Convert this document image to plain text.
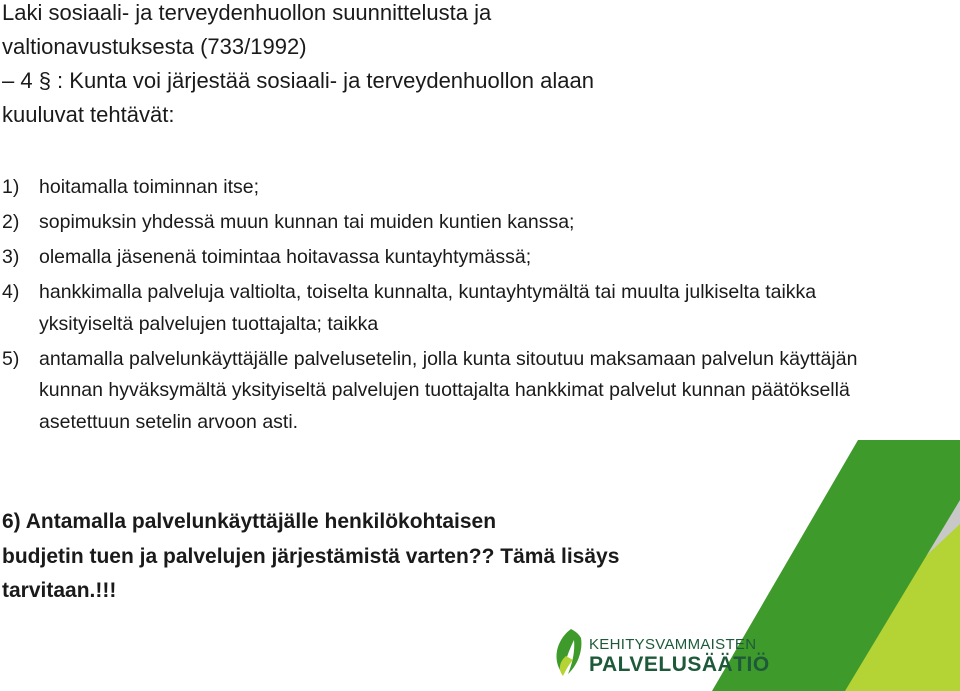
Laki sosiaali- ja terveydenhuollon suunnittelusta ja
valtionavustuksesta (733/1992)
– 4 § : Kunta voi järjestää sosiaali- ja terveydenhuollon alaan
kuuluvat tehtävät:
1)	hoitamalla toiminnan itse;
2)	sopimuksin yhdessä muun kunnan tai muiden kuntien kanssa;
3)	olemalla jäsenenä toimintaa hoitavassa kuntayhtymässä;
4)	hankkimalla palveluja valtiolta, toiselta kunnalta, kuntayhtymältä tai muulta julkiselta taikka yksityiseltä palvelujen tuottajalta; taikka
5)	antamalla palvelunkäyttäjälle palvelusetelin, jolla kunta sitoutuu maksamaan palvelun käyttäjän kunnan hyväksymältä yksityiseltä palvelujen tuottajalta hankkimat palvelut kunnan päätöksellä asetettuun setelin arvoon asti.
6) Antamalla palvelunkäyttäjälle henkilökohtaisen
budjetin tuen ja palvelujen järjestämistä varten?? Tämä lisäys
tarvitaan.!!!
KEHITYSVAMMAISTEN
PALVELUSÄÄTIÖ
